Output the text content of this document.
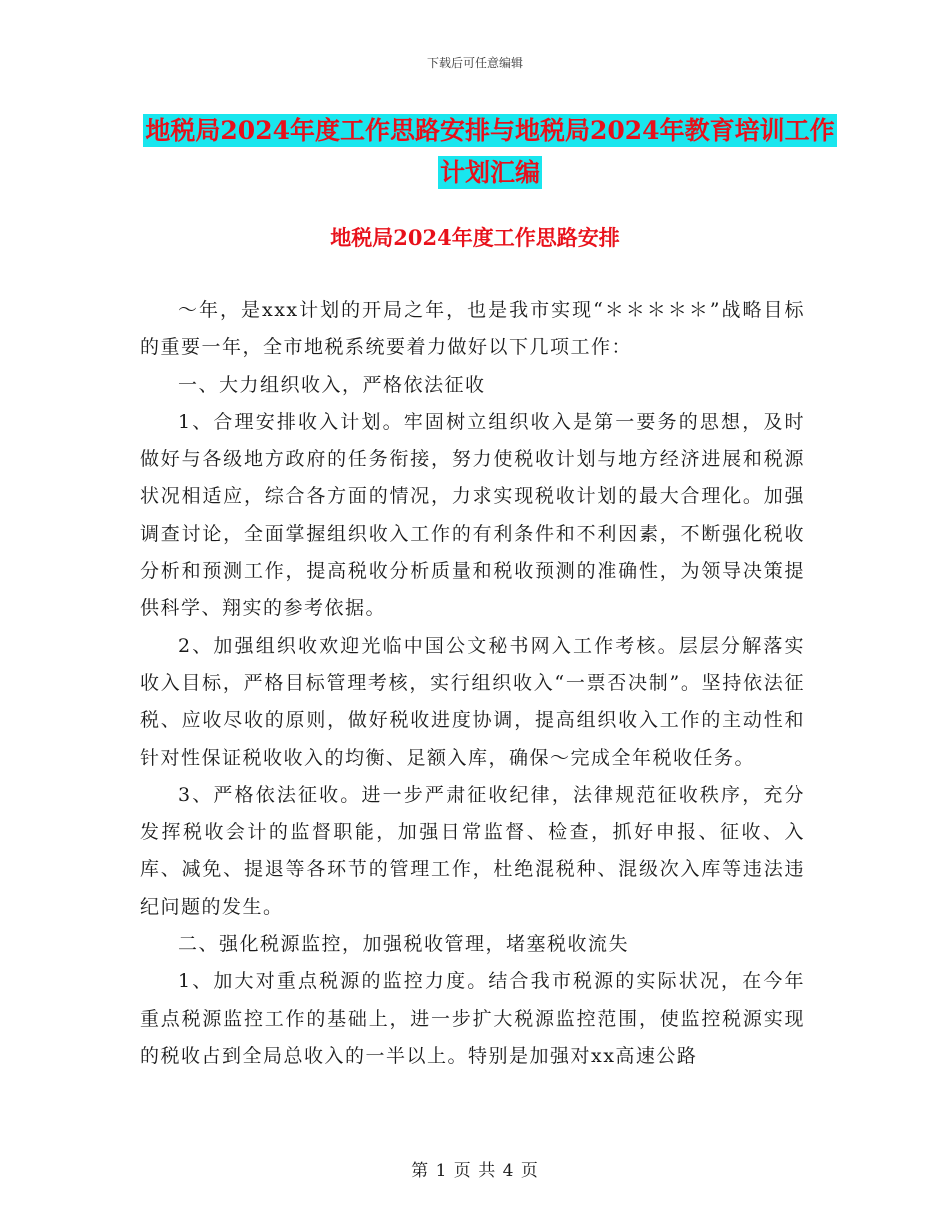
下载后可任意编辑
地税局2024年度工作思路安排与地税局2024年教育培训工作计划汇编
地税局2024年度工作思路安排

～年，是xxx计划的开局之年，也是我市实现“＊＊＊＊＊”战略目标的重要一年，全市地税系统要着力做好以下几项工作：

一、大力组织收入，严格依法征收

1、合理安排收入计划。牢固树立组织收入是第一要务的思想，及时做好与各级地方政府的任务衔接，努力使税收计划与地方经济进展和税源状况相适应，综合各方面的情况，力求实现税收计划的最大合理化。加强调查讨论，全面掌握组织收入工作的有利条件和不利因素，不断强化税收分析和预测工作，提高税收分析质量和税收预测的准确性，为领导决策提供科学、翔实的参考依据。

2、加强组织收欢迎光临中国公文秘书网入工作考核。层层分解落实收入目标，严格目标管理考核，实行组织收入“一票否决制”。坚持依法征税、应收尽收的原则，做好税收进度协调，提高组织收入工作的主动性和针对性保证税收收入的均衡、足额入库，确保～完成全年税收任务。

3、严格依法征收。进一步严肃征收纪律，法律规范征收秩序，充分发挥税收会计的监督职能，加强日常监督、检查，抓好申报、征收、入库、减免、提退等各环节的管理工作，杜绝混税种、混级次入库等违法违纪问题的发生。

二、强化税源监控，加强税收管理，堵塞税收流失

1、加大对重点税源的监控力度。结合我市税源的实际状况，在今年重点税源监控工作的基础上，进一步扩大税源监控范围，使监控税源实现的税收占到全局总收入的一半以上。特别是加强对xx高速公路

第 1 页 共 4 页
